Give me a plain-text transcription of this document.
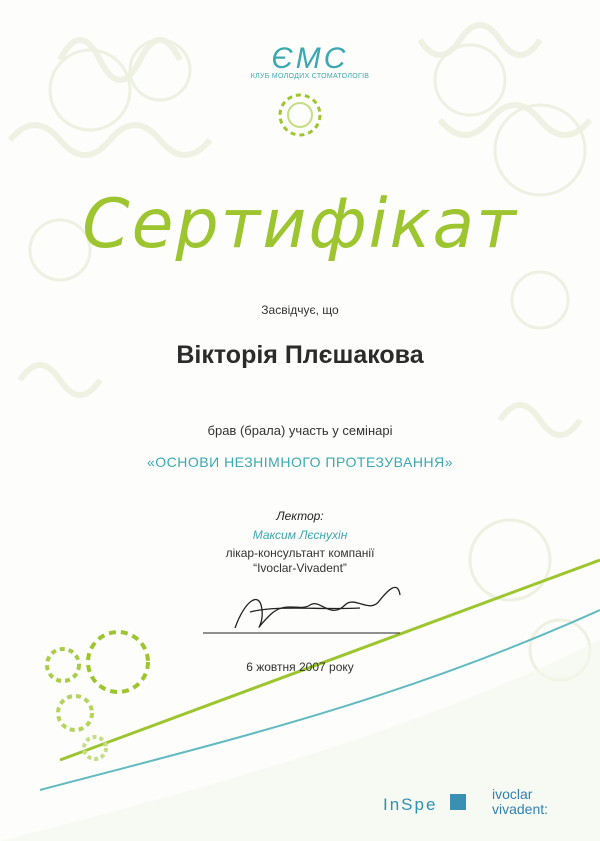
ЄМС
КЛУБ МОЛОДИХ СТОМАТОЛОГІВ
Сертифікат
Засвідчує, що
Вікторія Плєшакова
брав (брала) участь у семінарі
«ОСНОВИ НЕЗНІМНОГО ПРОТЕЗУВАННЯ»
Лектор:
Максим Лєснухін
лікар-консультант компанії
“Ivoclar-Vivadent”
6 жовтня 2007 року
InSpe
ivoclar
vivadent:
